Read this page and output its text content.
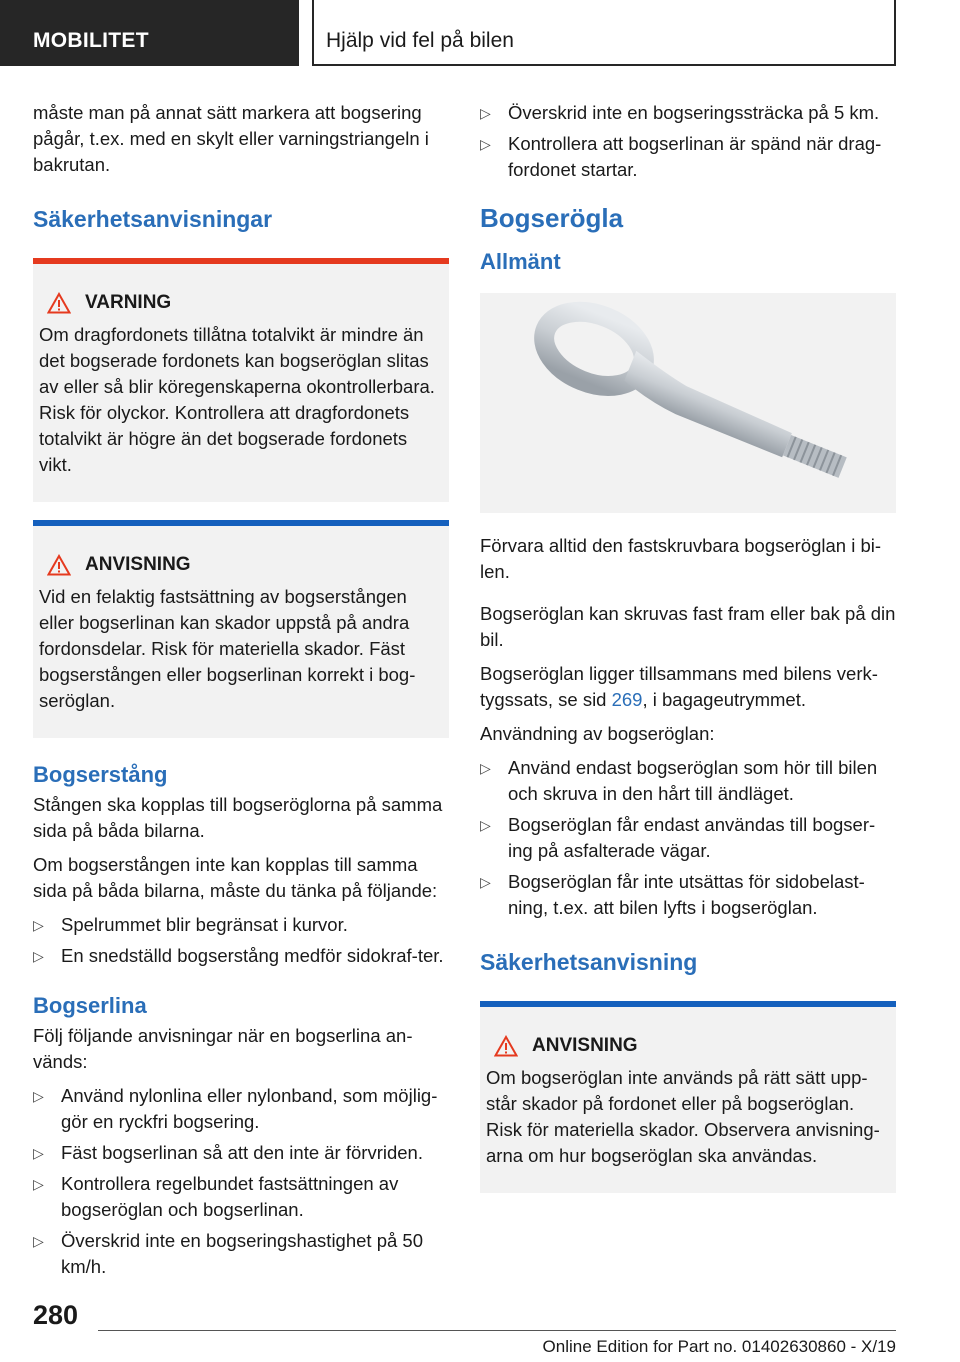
MOBILITET	Hjälp vid fel på bilen

måste man på annat sätt markera att bogsering pågår, t.ex. med en skylt eller varningstriangeln i bakrutan.

Säkerhetsanvisningar
VARNING

Om dragfordonets tillåtna totalvikt är mindre än det bogserade fordonets kan bogseröglan slitas av eller så blir köregenskaperna okontrollerbara. Risk för olyckor. Kontrollera att dragfordonets totalvikt är högre än det bogserade fordonets vikt.

ANVISNING

Vid en felaktig fastsättning av bogserstången eller bogserlinan kan skador uppstå på andra fordonsdelar. Risk för materiella skador. Fäst bogserstången eller bogserlinan korrekt i bog-seröglan.

Bogserstång

Stången ska kopplas till bogseröglorna på samma sida på båda bilarna.

Om bogserstången inte kan kopplas till samma sida på båda bilarna, måste du tänka på följande:

▷ Spelrummet blir begränsat i kurvor.
▷ En snedställd bogserstång medför sidokraf-ter.
Bogserlina

Följ följande anvisningar när en bogserlina an-vänds:

▷ Använd nylonlina eller nylonband, som möjlig-gör en ryckfri bogsering.
▷ Fäst bogserlinan så att den inte är förvriden.
▷ Kontrollera regelbundet fastsättningen av bogseröglan och bogserlinan.
▷ Överskrid inte en bogseringshastighet på 50 km/h.
▷ Överskrid inte en bogseringssträcka på 5 km.
▷ Kontrollera att bogserlinan är spänd när drag-fordonet startar.
Bogserögla
Allmänt

Förvara alltid den fastskruvbara bogseröglan i bi-len.

Bogseröglan kan skruvas fast fram eller bak på din bil.

Bogseröglan ligger tillsammans med bilens verk-tygssats, se sid 269, i bagageutrymmet.

Användning av bogseröglan:

▷ Använd endast bogseröglan som hör till bilen och skruva in den hårt till ändläget.
▷ Bogseröglan får endast användas till bogser-ing på asfalterade vägar.
▷ Bogseröglan får inte utsättas för sidobelast-ning, t.ex. att bilen lyfts i bogseröglan.
Säkerhetsanvisning
ANVISNING

Om bogseröglan inte används på rätt sätt upp-står skador på fordonet eller på bogseröglan. Risk för materiella skador. Observera anvisning-arna om hur bogseröglan ska användas.

280
Online Edition for Part no. 01402630860 - X/19
